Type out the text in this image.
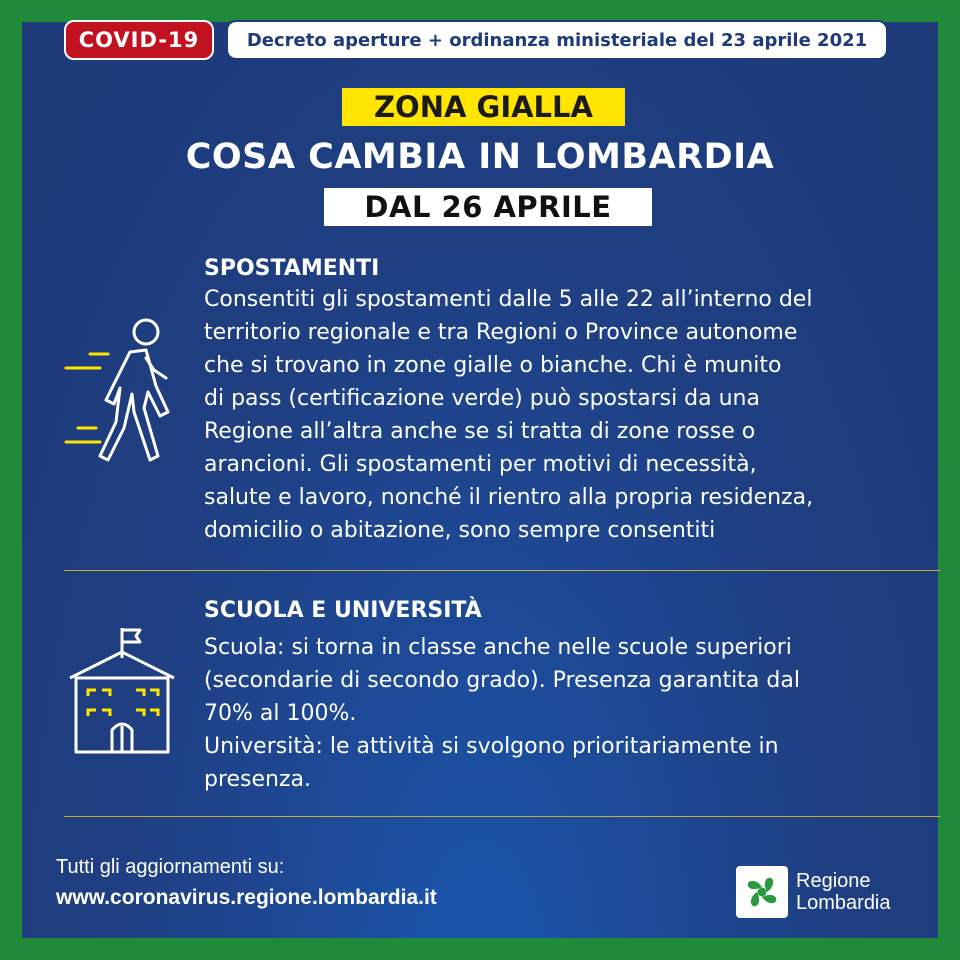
COVID-19	Decreto aperture + ordinanza ministeriale del 23 aprile 2021
ZONA GIALLA
COSA CAMBIA IN LOMBARDIA
DAL 26 APRILE
SPOSTAMENTI
Consentiti gli spostamenti dalle 5 alle 22 all’interno del
territorio regionale e tra Regioni o Province autonome
che si trovano in zone gialle o bianche. Chi è munito
di pass (certificazione verde) può spostarsi da una
Regione all’altra anche se si tratta di zone rosse o
arancioni. Gli spostamenti per motivi di necessità,
salute e lavoro, nonché il rientro alla propria residenza,
domicilio o abitazione, sono sempre consentiti
SCUOLA E UNIVERSITÀ
Scuola: si torna in classe anche nelle scuole superiori
(secondarie di secondo grado). Presenza garantita dal
70% al 100%.
Università: le attività si svolgono prioritariamente in
presenza.
Tutti gli aggiornamenti su:
www.coronavirus.regione.lombardia.it
Regione
Lombardia
